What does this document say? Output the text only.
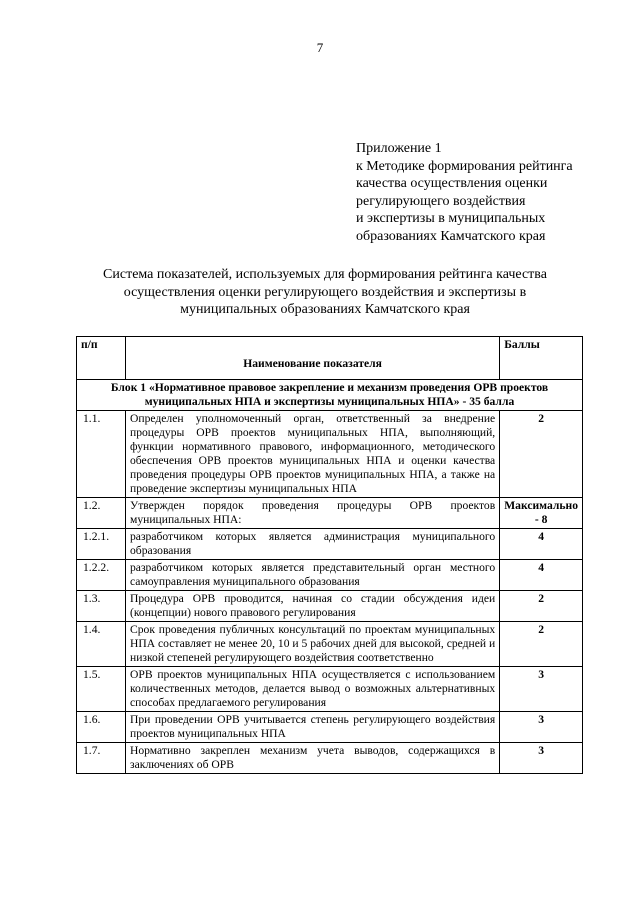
7
Приложение 1
к Методике формирования рейтинга
качества осуществления оценки
регулирующего воздействия
и экспертизы в муниципальных
образованиях Камчатского края
Система показателей, используемых для формирования рейтинга качества осуществления оценки регулирующего воздействия и экспертизы в муниципальных образованиях Камчатского края
п/п	Наименование показателя	Баллы
Блок 1 «Нормативное правовое закрепление и механизм проведения ОРВ проектов муниципальных НПА и экспертизы муниципальных НПА» - 35 балла		
1.1.	Определен уполномоченный орган, ответственный за внедрение процедуры ОРВ проектов муниципальных НПА, выполняющий, функции нормативного правового, информационного, методического обеспечения ОРВ проектов муниципальных НПА и оценки качества проведения процедуры ОРВ проектов муниципальных НПА, а также на проведение экспертизы муниципальных НПА	2
1.2.	Утвержден порядок проведения процедуры ОРВ проектов муниципальных НПА:	Максимально - 8
1.2.1.	разработчиком которых является администрация муниципального образования	4
1.2.2.	разработчиком которых является представительный орган местного самоуправления муниципального образования	4
1.3.	Процедура ОРВ проводится, начиная со стадии обсуждения идеи (концепции) нового правового регулирования	2
1.4.	Срок проведения публичных консультаций по проектам муниципальных НПА составляет не менее 20, 10 и 5 рабочих дней для высокой, средней и низкой степеней регулирующего воздействия соответственно	2
1.5.	ОРВ проектов муниципальных НПА осуществляется с использованием количественных методов, делается вывод о возможных альтернативных способах предлагаемого регулирования	3
1.6.	При проведении ОРВ учитывается степень регулирующего воздействия проектов муниципальных НПА	3
1.7.	Нормативно закреплен механизм учета выводов, содержащихся в заключениях об ОРВ	3
